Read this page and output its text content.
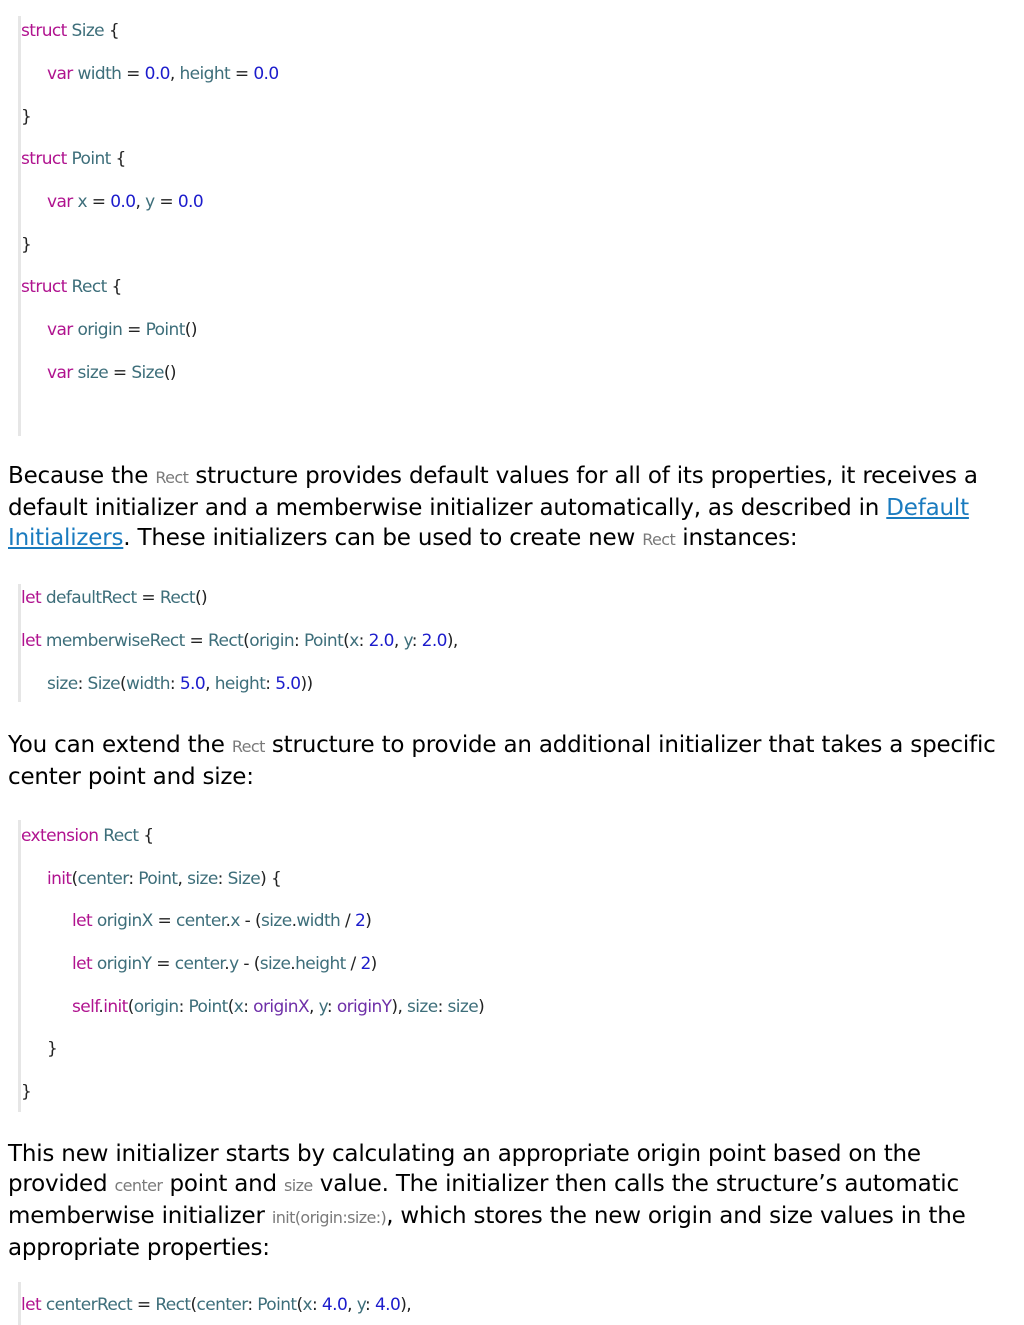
struct Size {
var width = 0.0, height = 0.0
}
struct Point {
var x = 0.0, y = 0.0
}
struct Rect {
var origin = Point()
var size = Size()

Because the Rect structure provides default values for all of its properties, it receives a default initializer and a memberwise initializer automatically, as described in Default Initializers. These initializers can be used to create new Rect instances:

let defaultRect = Rect()
let memberwiseRect = Rect(origin: Point(x: 2.0, y: 2.0),
size: Size(width: 5.0, height: 5.0))

You can extend the Rect structure to provide an additional initializer that takes a specific center point and size:

extension Rect {
init(center: Point, size: Size) {
let originX = center.x - (size.width / 2)
let originY = center.y - (size.height / 2)
self.init(origin: Point(x: originX, y: originY), size: size)
}
}

This new initializer starts by calculating an appropriate origin point based on the provided center point and size value. The initializer then calls the structure’s automatic memberwise initializer init(origin:size:), which stores the new origin and size values in the appropriate properties:

let centerRect = Rect(center: Point(x: 4.0, y: 4.0),
